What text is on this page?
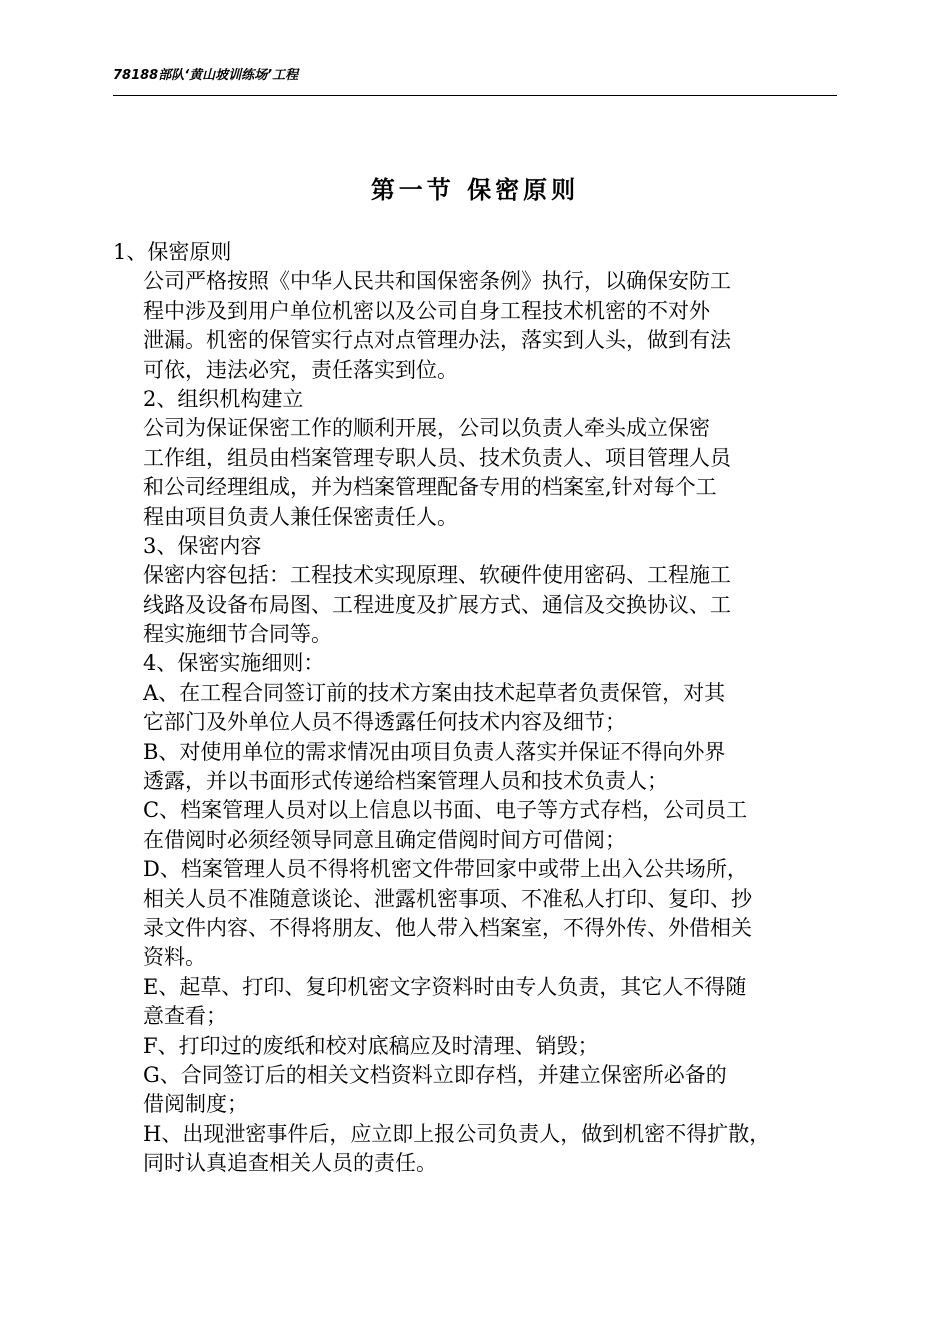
78188部队‘黄山坡训练场’工程
第一节 保密原则
1、保密原则
公司严格按照《中华人民共和国保密条例》执行，以确保安防工
程中涉及到用户单位机密以及公司自身工程技术机密的不对外
泄漏。机密的保管实行点对点管理办法，落实到人头，做到有法
可依，违法必究，责任落实到位。
2、组织机构建立
公司为保证保密工作的顺利开展，公司以负责人牵头成立保密
工作组，组员由档案管理专职人员、技术负责人、项目管理人员
和公司经理组成，并为档案管理配备专用的档案室,针对每个工
程由项目负责人兼任保密责任人。
3、保密内容
保密内容包括：工程技术实现原理、软硬件使用密码、工程施工
线路及设备布局图、工程进度及扩展方式、通信及交换协议、工
程实施细节合同等。
4、保密实施细则：
A、在工程合同签订前的技术方案由技术起草者负责保管，对其
它部门及外单位人员不得透露任何技术内容及细节；
B、对使用单位的需求情况由项目负责人落实并保证不得向外界
透露，并以书面形式传递给档案管理人员和技术负责人；
C、档案管理人员对以上信息以书面、电子等方式存档，公司员工
在借阅时必须经领导同意且确定借阅时间方可借阅；
D、档案管理人员不得将机密文件带回家中或带上出入公共场所，
相关人员不准随意谈论、泄露机密事项、不准私人打印、复印、抄
录文件内容、不得将朋友、他人带入档案室，不得外传、外借相关
资料。
E、起草、打印、复印机密文字资料时由专人负责，其它人不得随
意查看；
F、打印过的废纸和校对底稿应及时清理、销毁；
G、合同签订后的相关文档资料立即存档，并建立保密所必备的
借阅制度；
H、出现泄密事件后，应立即上报公司负责人，做到机密不得扩散，
同时认真追查相关人员的责任。
